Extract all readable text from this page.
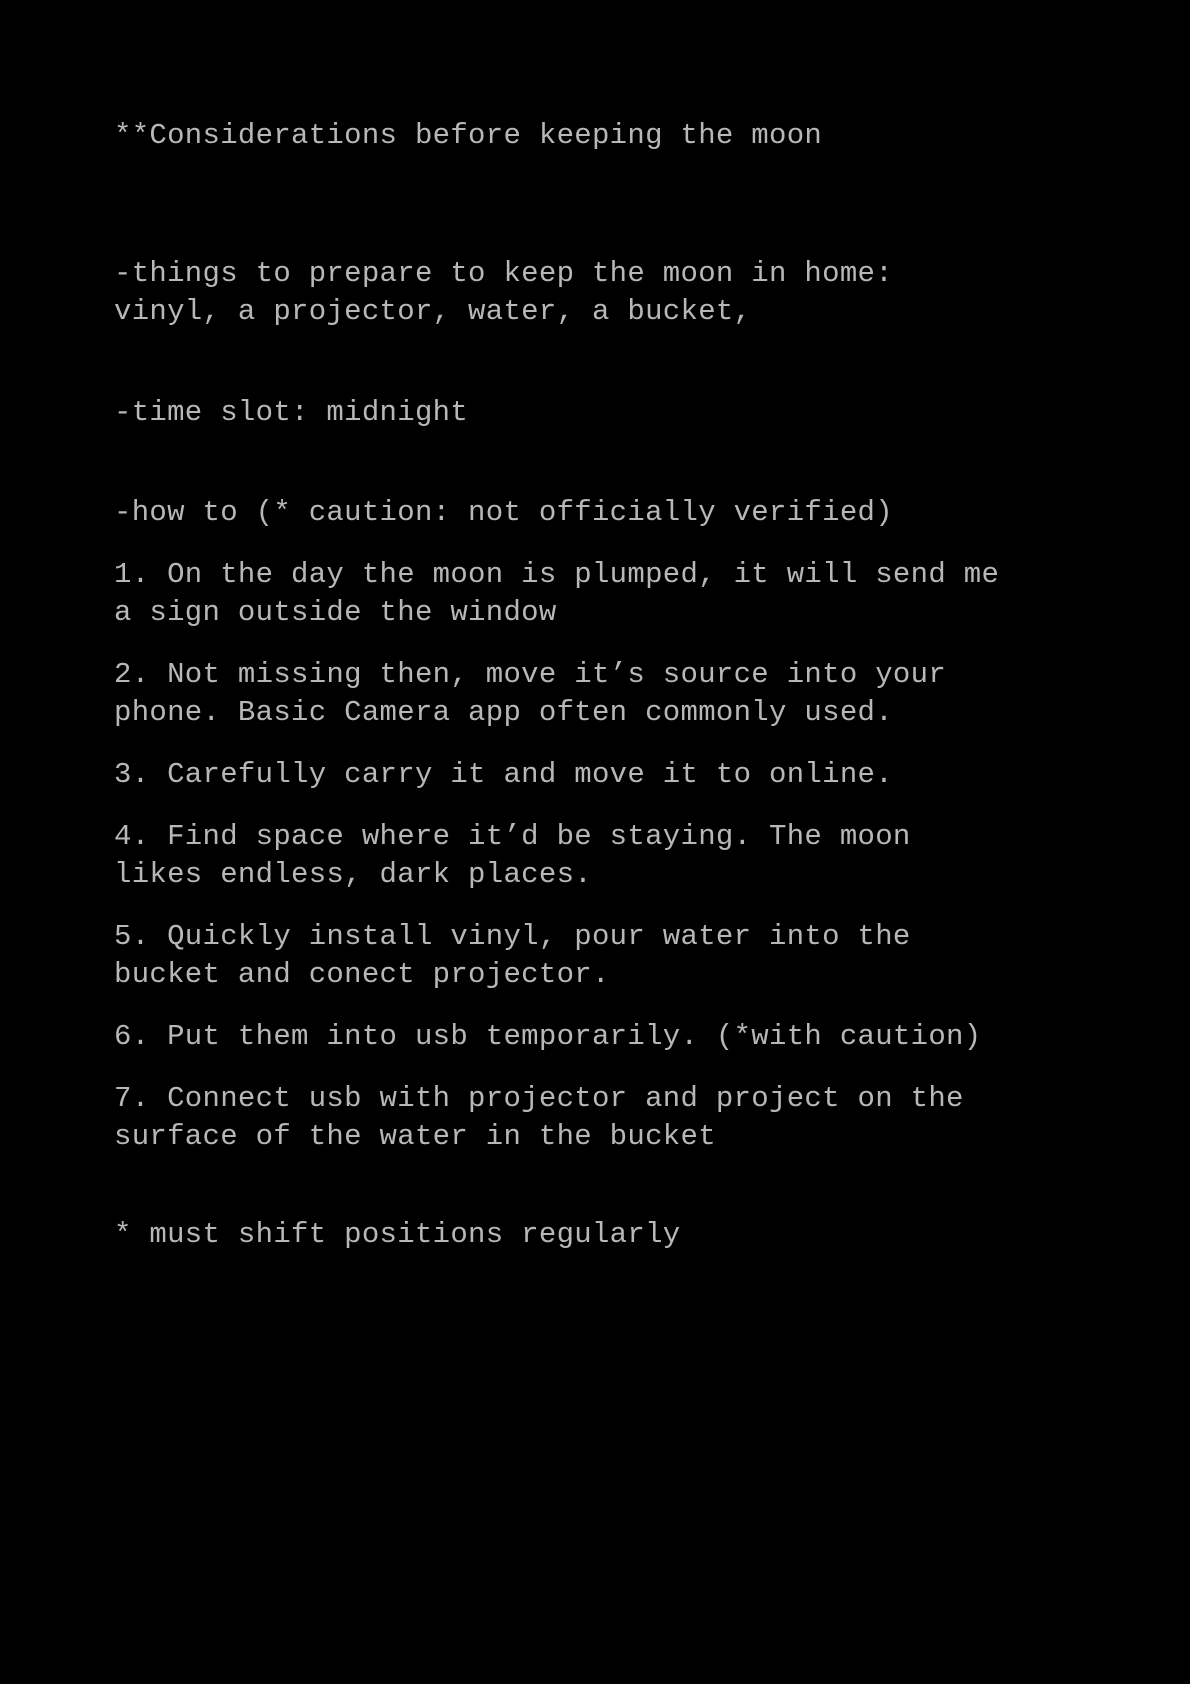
**Considerations before keeping the moon
-things to prepare to keep the moon in home:
vinyl, a projector, water, a bucket,
-time slot: midnight
-how to (* caution: not officially verified)
1. On the day the moon is plumped, it will send me
a sign outside the window
2. Not missing then, move it’s source into your
phone. Basic Camera app often commonly used.
3. Carefully carry it and move it to online.
4. Find space where it’d be staying. The moon
likes endless, dark places.
5. Quickly install vinyl, pour water into the
bucket and conect projector.
6. Put them into usb temporarily. (*with caution)
7. Connect usb with projector and project on the
surface of the water in the bucket
* must shift positions regularly
